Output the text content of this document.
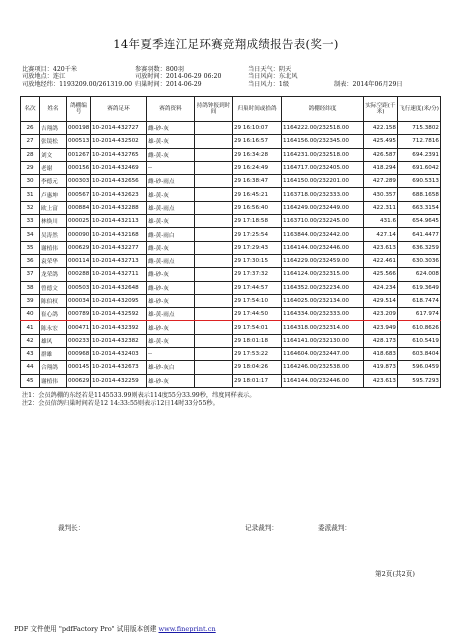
14年夏季连江足环赛竞翔成绩报告表(奖一)
比赛项目：420千米	参赛羽数：800羽	当日天气：阴天
司放地点：连江	司放时间：2014-06-29 06:20	当日风向：东北风
司放地经纬：1193209.00/261319.00 归巢时间：2014-06-29	当日风力：1级	制表：2014年06月29日
名次	姓名	鸽棚编号	赛鸽足环	赛鸽资料	持鸽钟报到时间	归巢时间或拾鸽	鸽棚经纬度	实际空距(千米)	飞行速度(米/分)
26	吉翔鸽	000198	10-2014-432727	雌-砂-灰		29 16:10:07	1164222.00/232518.00	422.158	715.3802
27	张镜松	000513	10-2014-432502	雄-黄-灰		29 16:16:57	1164156.00/232345.00	425.495	712.7816
28	刘文	001267	10-2014-432765	雌-黄-灰		29 16:34:28	1164231.00/232518.00	426.587	694.2391
29	老谢	000156	10-2014-432469	--		29 16:24:49	1164717.00/232405.00	418.294	691.6042
30	李德元	000303	10-2014-432656	雌-砂-雨点		29 16:38:47	1164150.00/232201.00	427.289	690.5313
31	卢惠坤	000567	10-2014-432623	雄-黄-灰		29 16:45:21	1163718.00/232333.00	430.357	688.1658
32	欧上富	000884	10-2014-432288	雄-黄-雨点		29 16:56:40	1164249.00/232449.00	422.311	663.3154
33	林焕川	000025	10-2014-432113	雄-黄-灰		29 17:18:58	1163710.00/232245.00	431.6	654.9645
34	吴涛然	000090	10-2014-432168	雌-黄-雨白		29 17:25:54	1163844.00/232442.00	427.14	641.4477
35	谢植伟	000629	10-2014-432277	雌-黄-灰		29 17:29:43	1164144.00/232446.00	423.613	636.3259
36	袁荣华	000114	10-2014-432713	雌-黄-雨点		29 17:30:15	1164229.00/232459.00	422.461	630.3036
37	龙荣鸽	000288	10-2014-432711	雌-砂-灰		29 17:37:32	1164124.00/232315.00	425.566	624.008
38	曾德文	000503	10-2014-432648	雌-砂-灰		29 17:44:57	1164352.00/232234.00	424.234	619.3649
39	陈伯权	000034	10-2014-432095	雄-砂-灰		29 17:54:10	1164025.00/232134.00	429.514	618.7474
40	崔心鸽	000789	10-2014-432592	雄-黄-雨点		29 17:44:50	1164334.00/232333.00	423.209	617.974
41	陈永宏	000471	10-2014-432392	雄-砂-灰		29 17:54:01	1164318.00/232314.00	423.949	610.8626
42	雄风	000233	10-2014-432382	雄-黄-灰		29 18:01:18	1164141.00/232130.00	428.173	610.5419
43	群雄	000968	10-2014-432403	--		29 17:53:22	1164604.00/232447.00	418.683	603.8404
44	合翔鸽	000145	10-2014-432673	雄-砂-灰白		29 18:04:26	1164246.00/232538.00	419.873	596.0459
45	谢植伟	000629	10-2014-432259	雄-砂-灰		29 18:01:17	1164144.00/232446.00	423.613	595.7293
注1：会员鸽棚的东经若是1145533.99则表示114度55分33.99秒，纬度同样表示。
注2：会员信鸽归巢时间若是12 14:33:55则表示12日14时33分55秒。
裁判长：	记录裁判：	委派裁判：
第2页(共2页)
PDF 文件使用 "pdfFactory Pro" 试用版本创建 www.fineprint.cn
